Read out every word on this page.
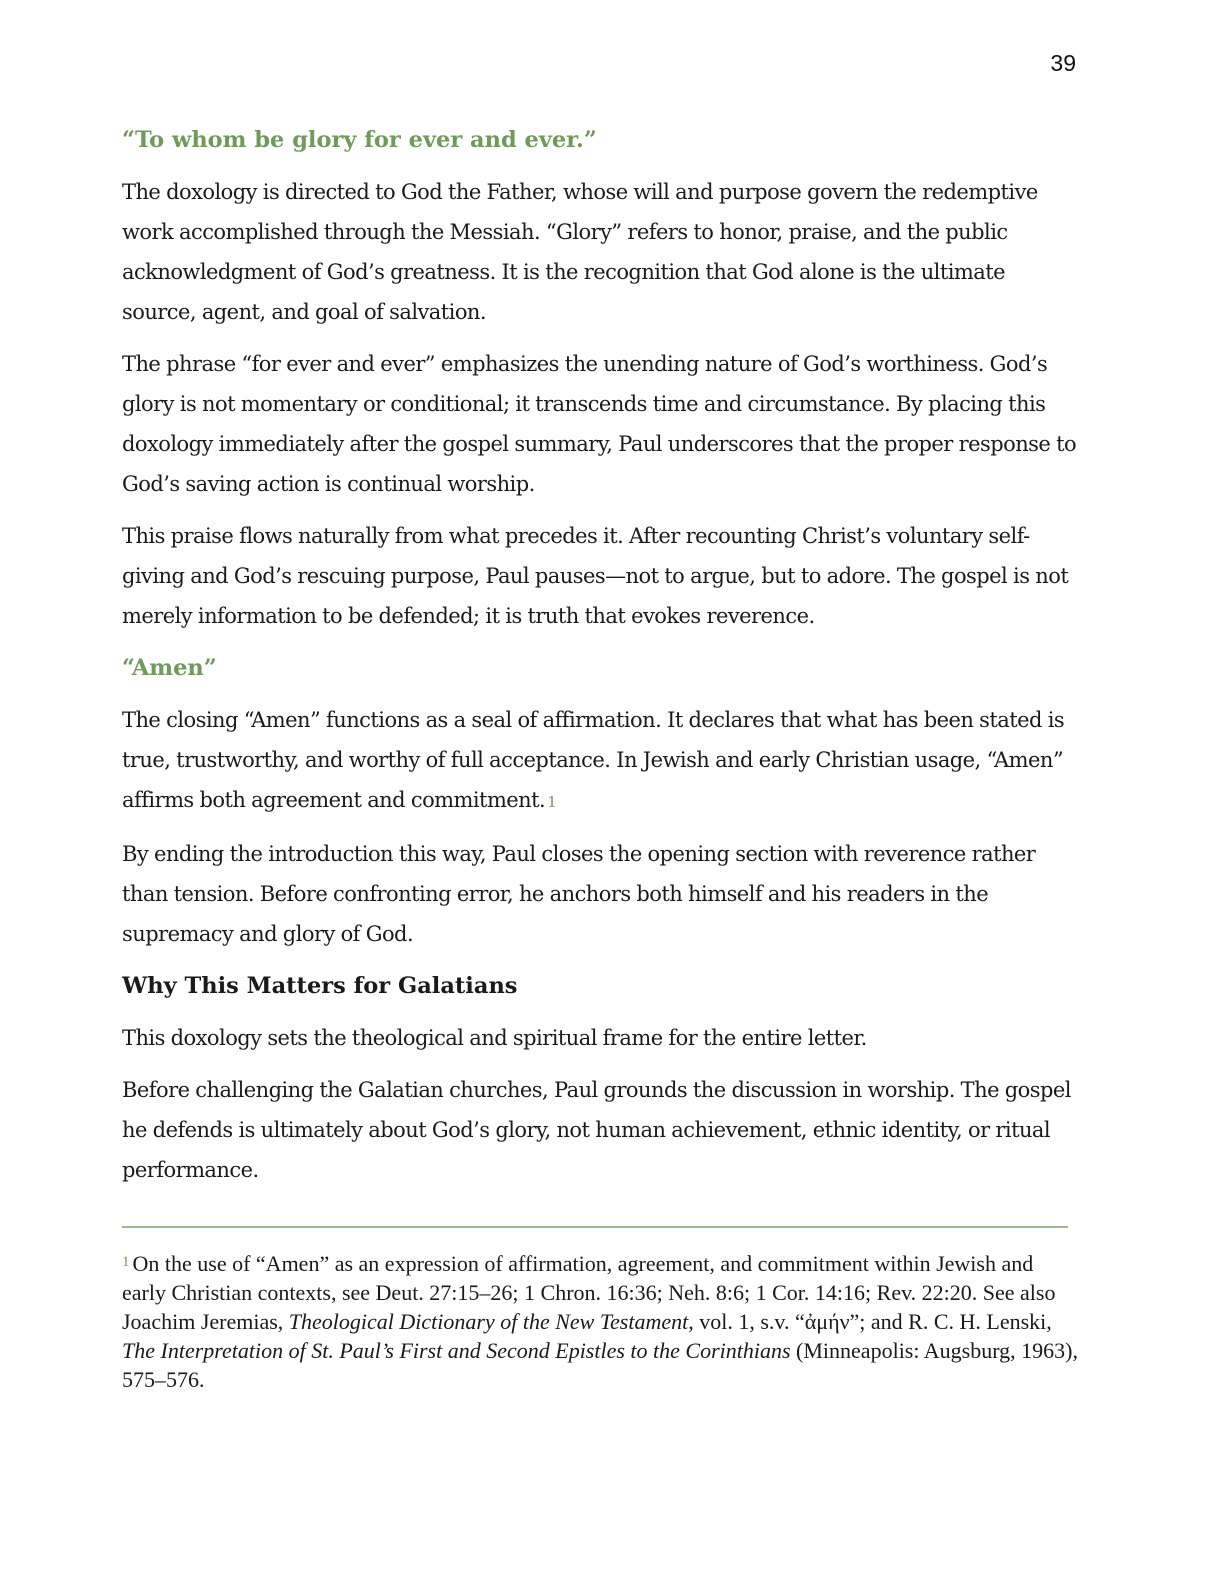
39
“To whom be glory for ever and ever.”

The doxology is directed to God the Father, whose will and purpose govern the redemptive work accomplished through the Messiah. “Glory” refers to honor, praise, and the public acknowledgment of God’s greatness. It is the recognition that God alone is the ultimate source, agent, and goal of salvation.

The phrase “for ever and ever” emphasizes the unending nature of God’s worthiness. God’s glory is not momentary or conditional; it transcends time and circumstance. By placing this doxology immediately after the gospel summary, Paul underscores that the proper response to God’s saving action is continual worship.

This praise flows naturally from what precedes it. After recounting Christ’s voluntary self-giving and God’s rescuing purpose, Paul pauses—not to argue, but to adore. The gospel is not merely information to be defended; it is truth that evokes reverence.

“Amen”

The closing “Amen” functions as a seal of affirmation. It declares that what has been stated is true, trustworthy, and worthy of full acceptance. In Jewish and early Christian usage, “Amen” affirms both agreement and commitment. 1

By ending the introduction this way, Paul closes the opening section with reverence rather than tension. Before confronting error, he anchors both himself and his readers in the supremacy and glory of God.

Why This Matters for Galatians

This doxology sets the theological and spiritual frame for the entire letter.

Before challenging the Galatian churches, Paul grounds the discussion in worship. The gospel he defends is ultimately about God’s glory, not human achievement, ethnic identity, or ritual performance.

$^1$ On the use of “Amen” as an expression of affirmation, agreement, and commitment within Jewish and early Christian contexts, see Deut. 27:15–26; 1 Chron. 16:36; Neh. 8:6; 1 Cor. 14:16; Rev. 22:20. See also Joachim Jeremias, Theological Dictionary of the New Testament, vol. 1, s.v. “ἀμήν”; and R. C. H. Lenski, The Interpretation of St. Paul’s First and Second Epistles to the Corinthians (Minneapolis: Augsburg, 1963), 575–576.
